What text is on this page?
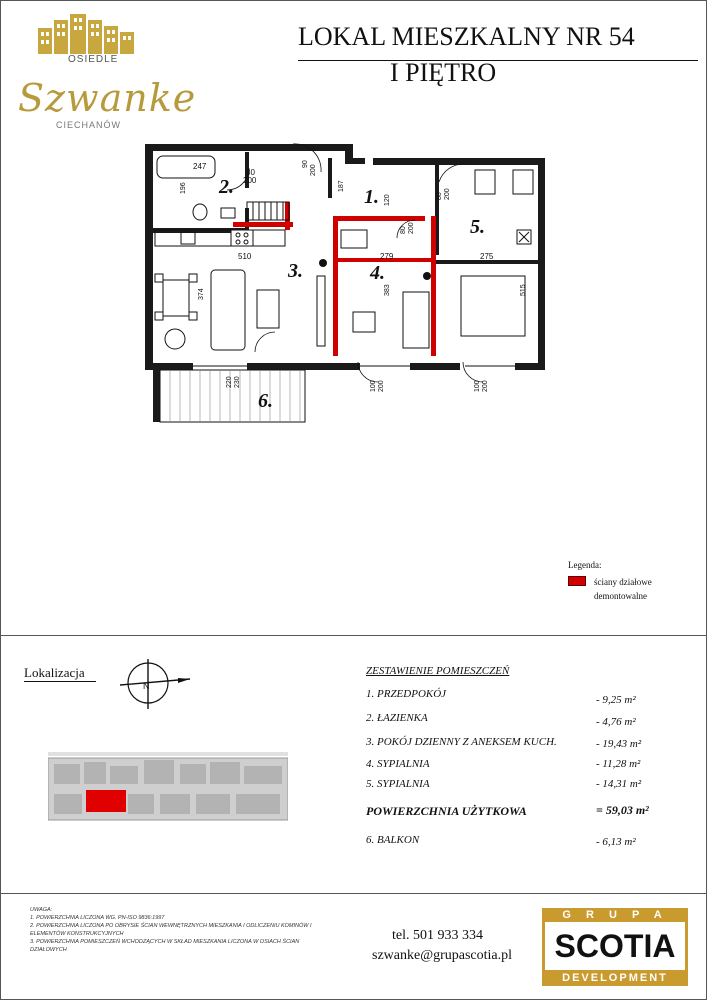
OSIEDLE
Szwanke
CIECHANÓW
LOKAL MIESZKALNY NR 54
I PIĘTRO
1.
2.
3.	4.
5.
6.
247
196
80
200
90
200
187
120	80 200
80 200
510	279	275
374	383	515
220 230	100 200	100 200
Legenda:
ściany działowe
demontowalne
Lokalizacja
N
ZESTAWIENIE POMIESZCZEŃ
1. PRZEDPOKÓJ	- 9,25 m²
2. ŁAZIENKA	- 4,76 m²
3. POKÓJ DZIENNY Z ANEKSEM KUCH.	- 19,43 m²
4. SYPIALNIA	- 11,28 m²
5. SYPIALNIA	- 14,31 m²
POWIERZCHNIA UŻYTKOWA	= 59,03 m²
6. BALKON	- 6,13 m²
UWAGA:
1. POWIERZCHNIA LICZONA WG. PN-ISO 9836:1997
2. POWIERZCHNIA LICZONA PO OBRYSIE ŚCIAN WEWNĘTRZNYCH MIESZKANIA I ODLICZENIU KOMINÓW I ELEMENTÓW KONSTRUKCYJNYCH
3. POWIERZCHNIA POMIESZCZEŃ WCHODZĄCYCH W SKŁAD MIESZKANIA LICZONA W OSIACH ŚCIAN DZIAŁOWYCH
tel. 501 933 334
szwanke@grupascotia.pl
G R U P A
SCOTIA
DEVELOPMENT
